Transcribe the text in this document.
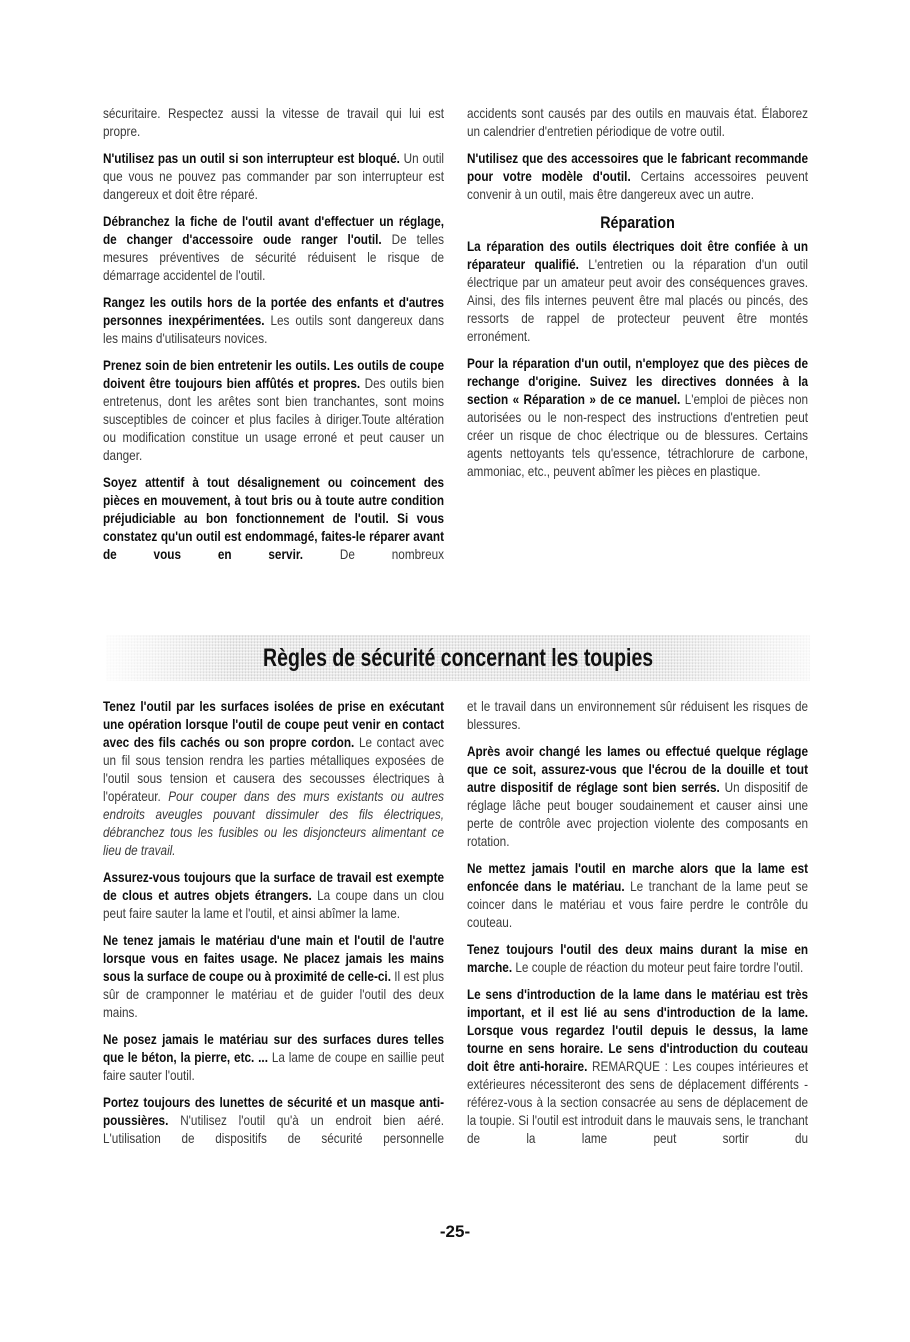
sécuritaire. Respectez aussi la vitesse de travail qui lui est propre.

N'utilisez pas un outil si son interrupteur est bloqué. Un outil que vous ne pouvez pas commander par son interrupteur est dangereux et doit être réparé.

Débranchez la fiche de l'outil avant d'effectuer un réglage, de changer d'accessoire oude ranger l'outil. De telles mesures préventives de sécurité réduisent le risque de démarrage accidentel de l'outil.

Rangez les outils hors de la portée des enfants et d'autres personnes inexpérimentées. Les outils sont dangereux dans les mains d'utilisateurs novices.

Prenez soin de bien entretenir les outils. Les outils de coupe doivent être toujours bien affûtés et propres. Des outils bien entretenus, dont les arêtes sont bien tranchantes, sont moins susceptibles de coincer et plus faciles à diriger.Toute altération ou modification constitue un usage erroné et peut causer un danger.

Soyez attentif à tout désalignement ou coincement des pièces en mouvement, à tout bris ou à toute autre condition préjudiciable au bon fonctionnement de l'outil. Si vous constatez qu'un outil est endommagé, faites-le réparer avant de vous en servir.	De nombreux

accidents sont causés par des outils en mauvais état. Élaborez un calendrier d'entretien périodique de votre outil.

N'utilisez que des accessoires que le fabricant recommande pour votre modèle d'outil. Certains accessoires peuvent convenir à un outil, mais être dangereux avec un autre.

Réparation

La réparation des outils électriques doit être confiée à un réparateur qualifié. L'entretien ou la réparation d'un outil électrique par un amateur peut avoir des conséquences graves. Ainsi, des fils internes peuvent être mal placés ou pincés, des ressorts de rappel de protecteur peuvent être montés erronément.

Pour la réparation d'un outil, n'employez que des pièces de rechange d'origine. Suivez les directives données à la section « Réparation » de ce manuel. L'emploi de pièces non autorisées ou le non-respect des instructions d'entretien peut créer un risque de choc électrique ou de blessures. Certains agents nettoyants tels qu'essence, tétrachlorure de carbone, ammoniac, etc., peuvent abîmer les pièces en plastique.

Règles de sécurité concernant les toupies

Tenez l'outil par les surfaces isolées de prise en exécutant une opération lorsque l'outil de coupe peut venir en contact avec des fils cachés ou son propre cordon. Le contact avec un fil sous tension rendra les parties métalliques exposées de l'outil sous tension et causera des secousses électriques à l'opérateur. Pour couper dans des murs existants ou autres endroits aveugles pouvant dissimuler des fils électriques, débranchez tous les fusibles ou les disjoncteurs alimentant ce lieu de travail.

Assurez-vous toujours que la surface de travail est exempte de clous et autres objets étrangers. La coupe dans un clou peut faire sauter la lame et l'outil, et ainsi abîmer la lame.

Ne tenez jamais le matériau d'une main et l'outil de l'autre lorsque vous en faites usage. Ne placez jamais les mains sous la surface de coupe ou à proximité de celle-ci. Il est plus sûr de cramponner le matériau et de guider l'outil des deux mains.

Ne posez jamais le matériau sur des surfaces dures telles que le béton, la pierre, etc. ... La lame de coupe en saillie peut faire sauter l'outil.

Portez toujours des lunettes de sécurité et un masque anti-poussières. N'utilisez l'outil qu'à un endroit bien aéré. L'utilisation de dispositifs de sécurité personnelle

et le travail dans un environnement sûr réduisent les risques de blessures.

Après avoir changé les lames ou effectué quelque réglage que ce soit, assurez-vous que l'écrou de la douille et tout autre dispositif de réglage sont bien serrés. Un dispositif de réglage lâche peut bouger soudainement et causer ainsi une perte de contrôle avec projection violente des composants en rotation.

Ne mettez jamais l'outil en marche alors que la lame est enfoncée dans le matériau. Le tranchant de la lame peut se coincer dans le matériau et vous faire perdre le contrôle du couteau.

Tenez toujours l'outil des deux mains durant la mise en marche. Le couple de réaction du moteur peut faire tordre l'outil.

Le sens d'introduction de la lame dans le matériau est très important, et il est lié au sens d'introduction de la lame. Lorsque vous regardez l'outil depuis le dessus, la lame tourne en sens horaire. Le sens d'introduction du couteau doit être anti-horaire. REMARQUE : Les coupes intérieures et extérieures nécessiteront des sens de déplacement différents - référez-vous à la section consacrée au sens de déplacement de la toupie. Si l'outil est introduit dans le mauvais sens, le tranchant de la lame peut sortir du

-25-
